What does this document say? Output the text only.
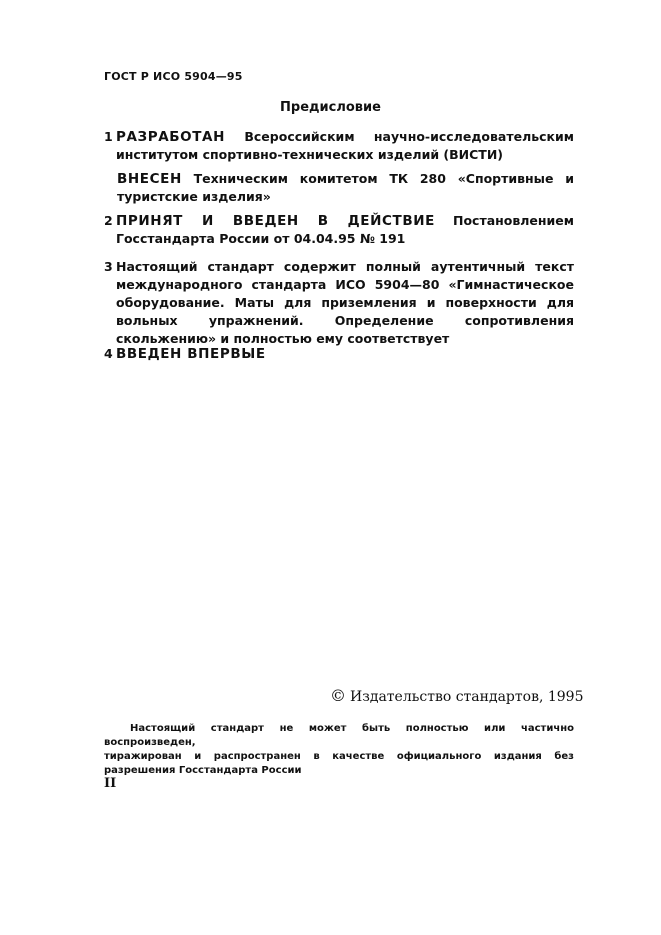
ГОСТ Р ИСО 5904—95
Предисловие
1 РАЗРАБОТАН Всероссийским научно-исследовательским институтом спортивно-технических изделий (ВИСТИ)
ВНЕСЕН Техническим комитетом ТК 280 «Спортивные и туристские изделия»
2 ПРИНЯТ И ВВЕДЕН В ДЕЙСТВИЕ Постановлением Госстандарта России от 04.04.95 № 191
3 Настоящий стандарт содержит полный аутентичный текст международного стандарта ИСО 5904—80 «Гимнастическое оборудование. Маты для приземления и поверхности для вольных упражнений. Определение сопротивления скольжению» и полностью ему соответствует
4 ВВЕДЕН ВПЕРВЫЕ
© Издательство стандартов, 1995
Настоящий стандарт не может быть полностью или частично воспроизведен,
тиражирован и распространен в качестве официального издания без разрешения Госстандарта России
II
